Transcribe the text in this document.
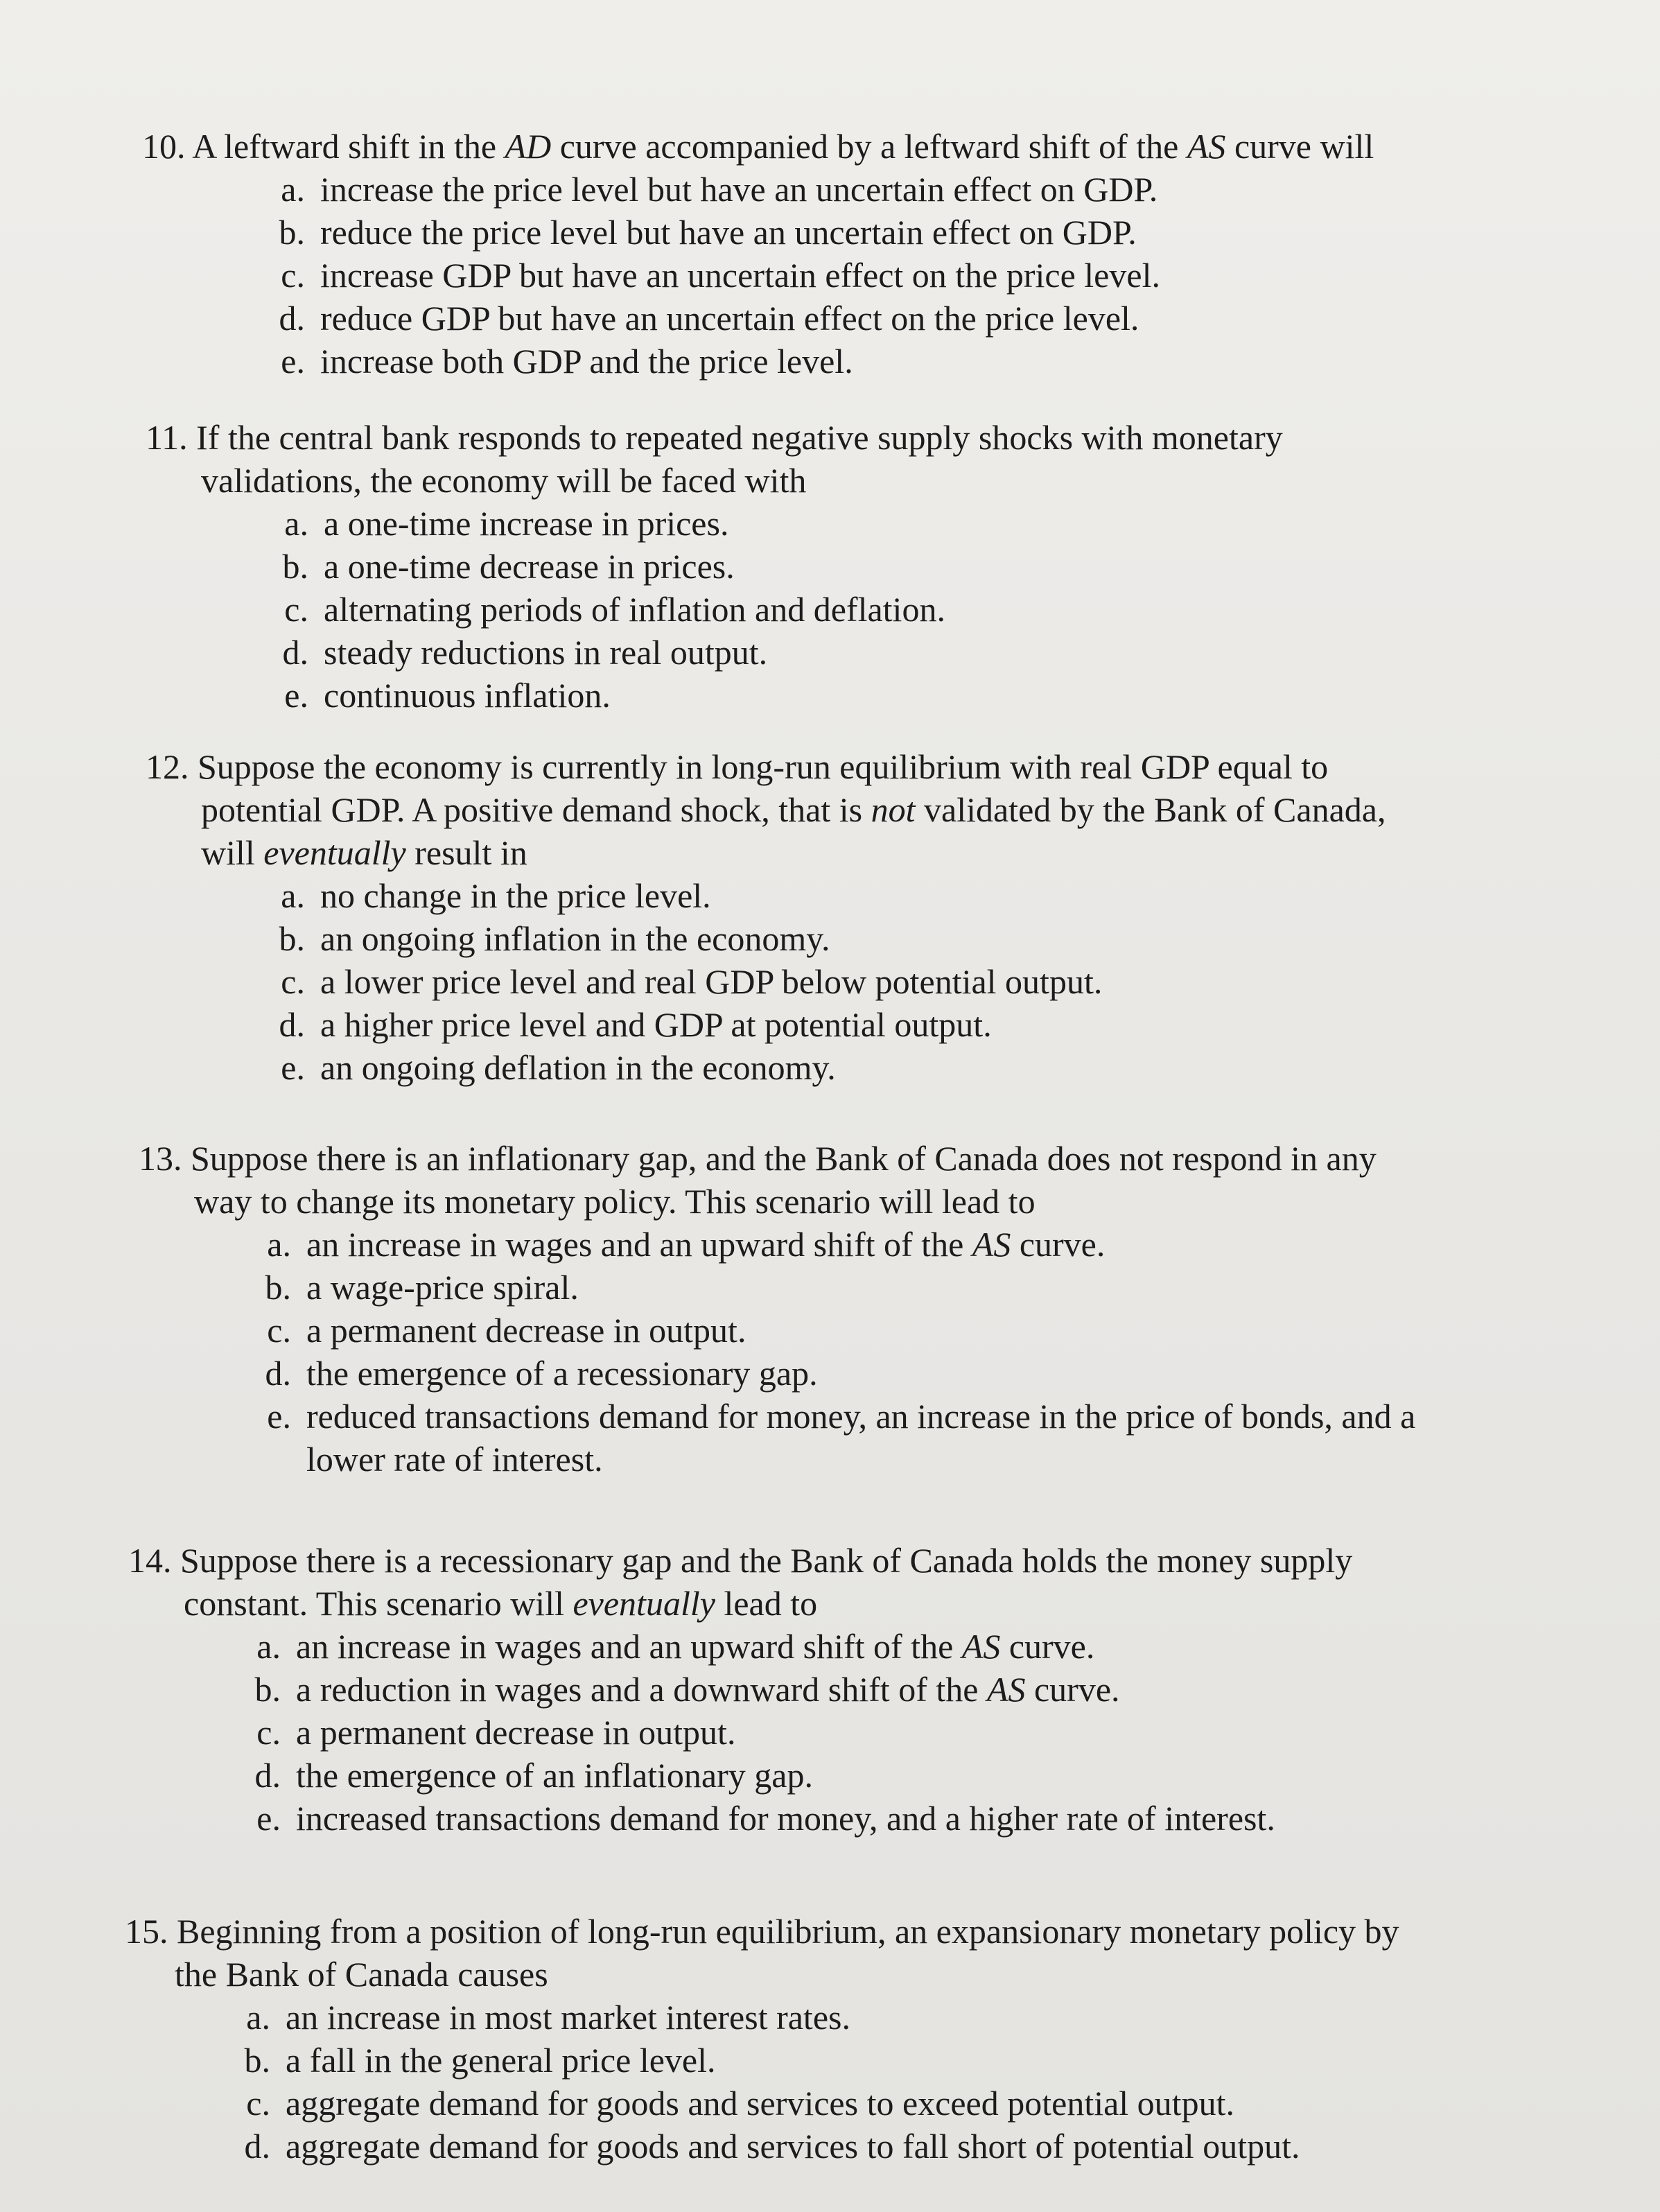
10. A leftward shift in the AD curve accompanied by a leftward shift of the AS curve will
a. increase the price level but have an uncertain effect on GDP.
b. reduce the price level but have an uncertain effect on GDP.
c. increase GDP but have an uncertain effect on the price level.
d. reduce GDP but have an uncertain effect on the price level.
e. increase both GDP and the price level.
11. If the central bank responds to repeated negative supply shocks with monetary
validations, the economy will be faced with
a. a one-time increase in prices.
b. a one-time decrease in prices.
c. alternating periods of inflation and deflation.
d. steady reductions in real output.
e. continuous inflation.
12. Suppose the economy is currently in long-run equilibrium with real GDP equal to
potential GDP. A positive demand shock, that is not validated by the Bank of Canada,
will eventually result in
a. no change in the price level.
b. an ongoing inflation in the economy.
c. a lower price level and real GDP below potential output.
d. a higher price level and GDP at potential output.
e. an ongoing deflation in the economy.
13. Suppose there is an inflationary gap, and the Bank of Canada does not respond in any
way to change its monetary policy. This scenario will lead to
a. an increase in wages and an upward shift of the AS curve.
b. a wage-price spiral.
c. a permanent decrease in output.
d. the emergence of a recessionary gap.
e. reduced transactions demand for money, an increase in the price of bonds, and a
lower rate of interest.
14. Suppose there is a recessionary gap and the Bank of Canada holds the money supply
constant. This scenario will eventually lead to
a. an increase in wages and an upward shift of the AS curve.
b. a reduction in wages and a downward shift of the AS curve.
c. a permanent decrease in output.
d. the emergence of an inflationary gap.
e. increased transactions demand for money, and a higher rate of interest.
15. Beginning from a position of long-run equilibrium, an expansionary monetary policy by
the Bank of Canada causes
a. an increase in most market interest rates.
b. a fall in the general price level.
c. aggregate demand for goods and services to exceed potential output.
d. aggregate demand for goods and services to fall short of potential output.
